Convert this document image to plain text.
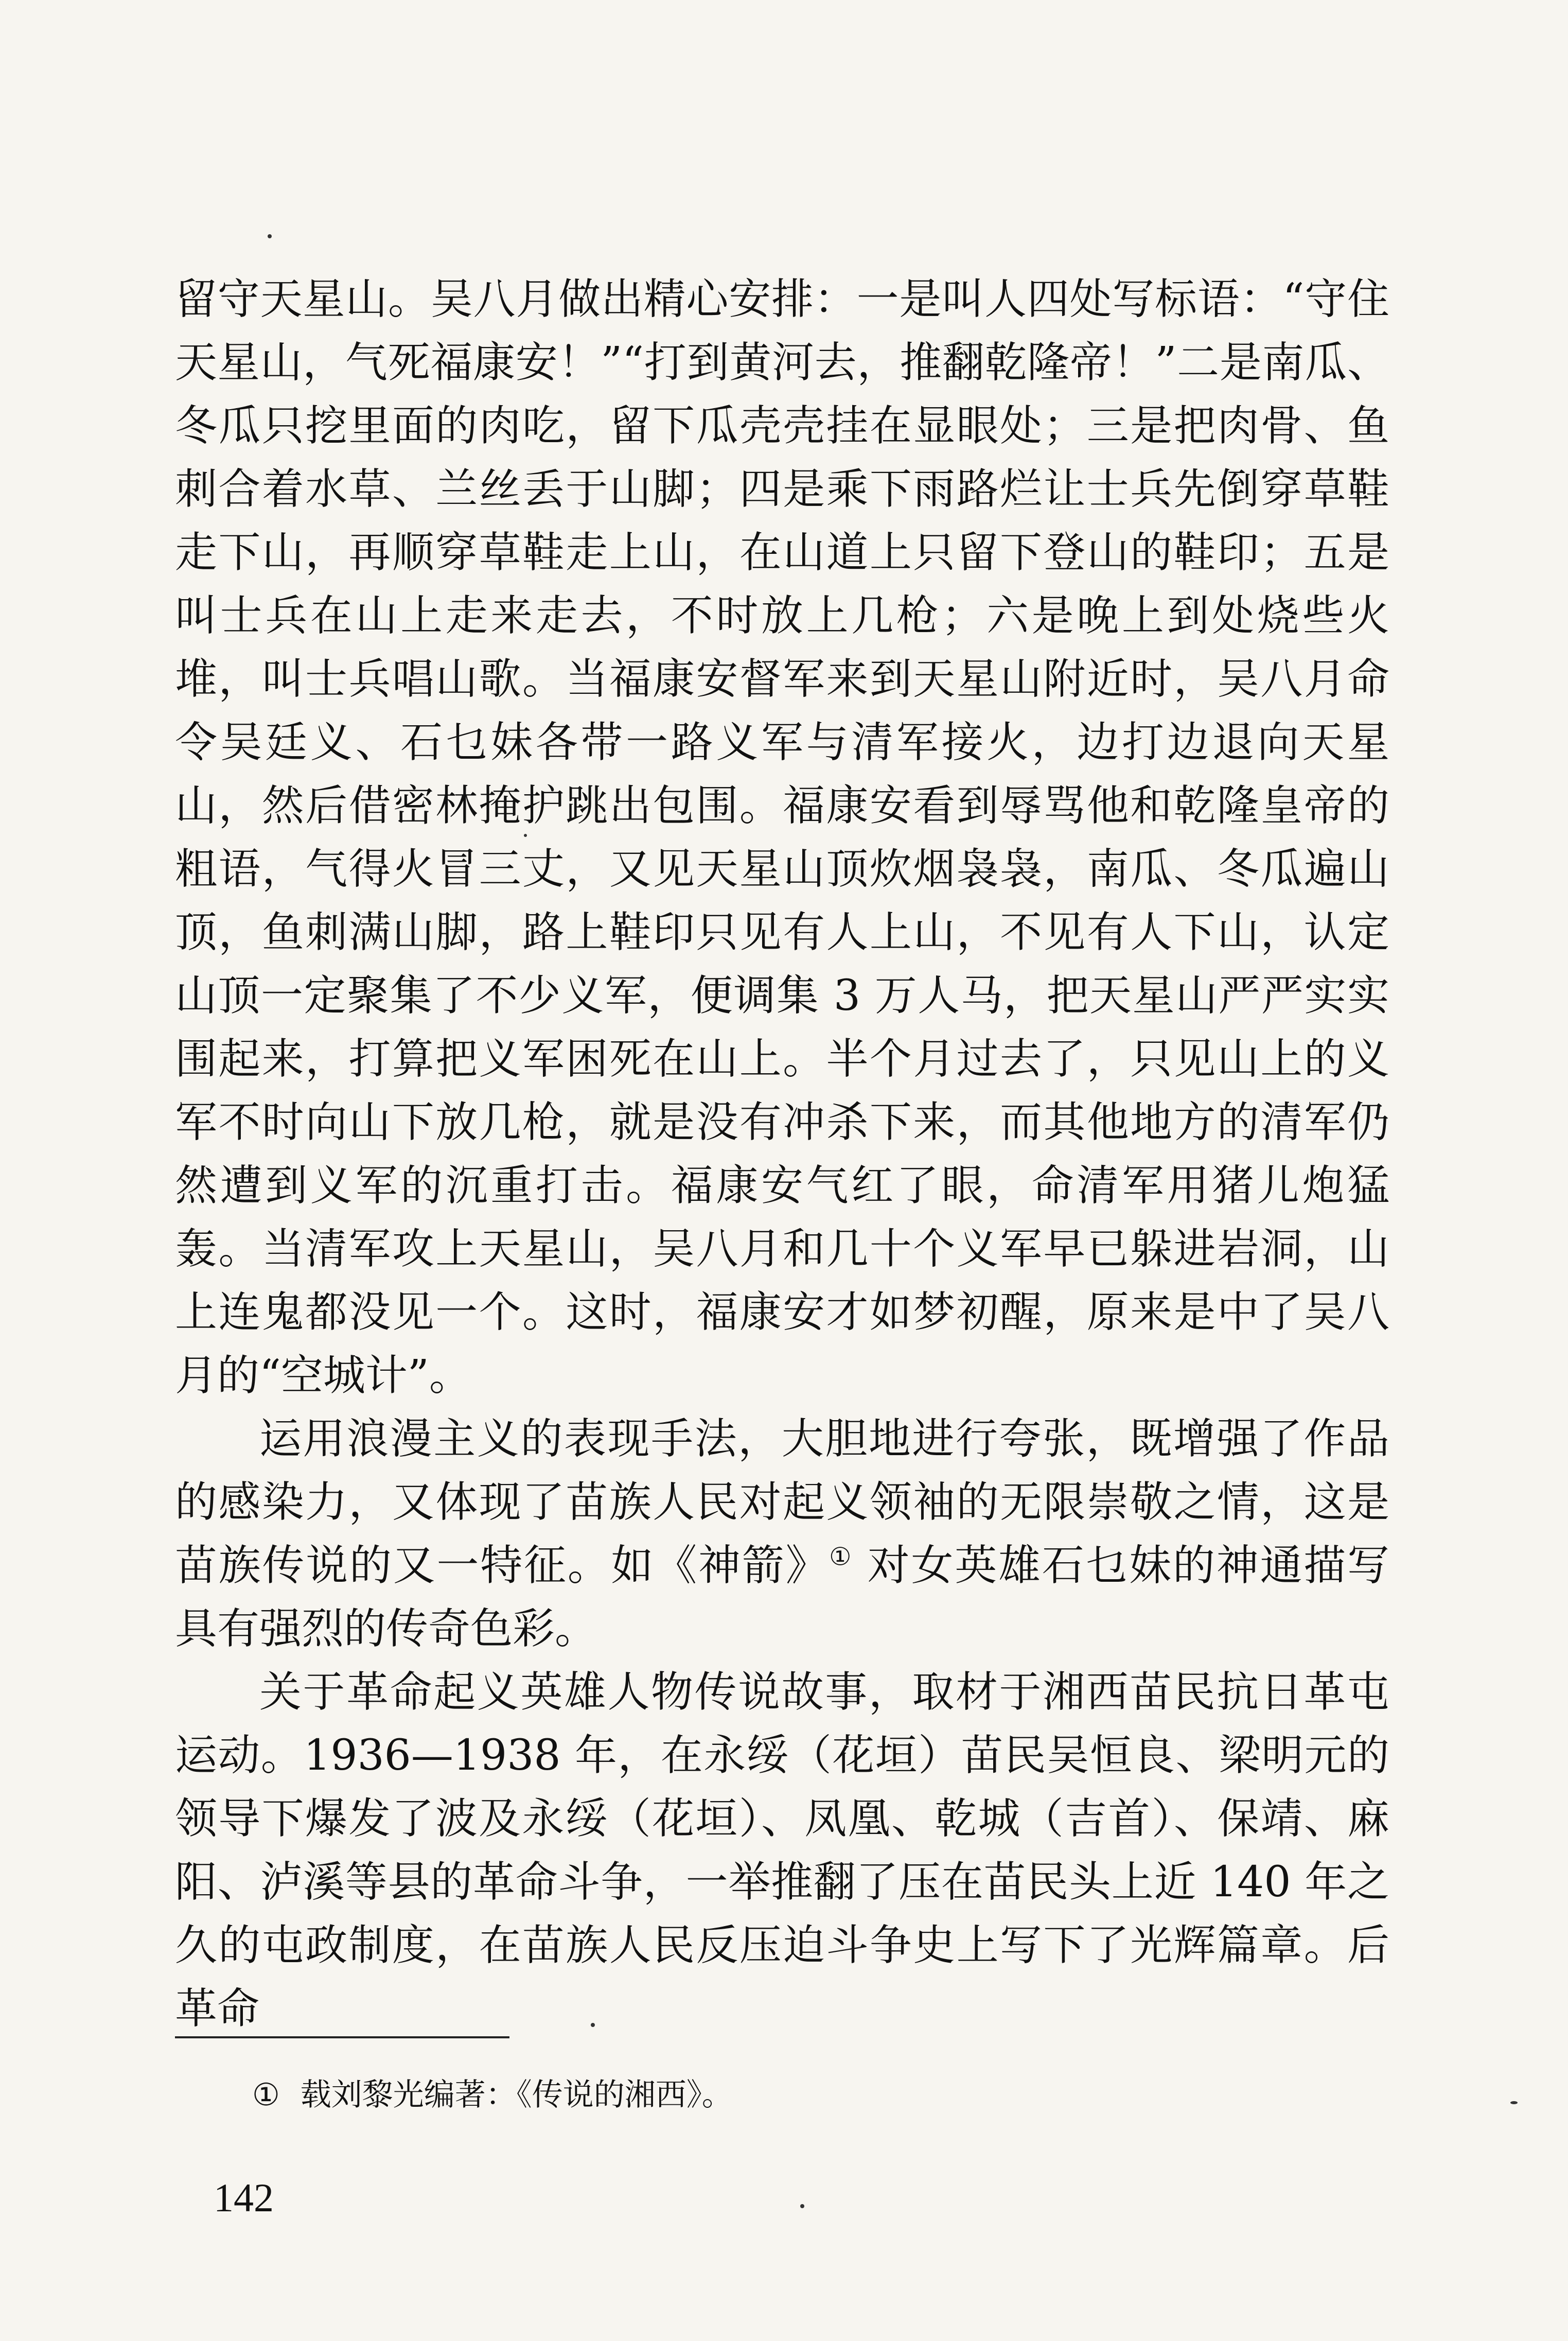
留守天星山。吴八月做出精心安排：一是叫人四处写标语：“守住天星山，气死福康安！”“打到黄河去，推翻乾隆帝！”二是南瓜、冬瓜只挖里面的肉吃，留下瓜壳壳挂在显眼处；三是把肉骨、鱼刺合着水草、兰丝丢于山脚；四是乘下雨路烂让士兵先倒穿草鞋走下山，再顺穿草鞋走上山，在山道上只留下登山的鞋印；五是叫士兵在山上走来走去，不时放上几枪；六是晚上到处烧些火堆，叫士兵唱山歌。当福康安督军来到天星山附近时，吴八月命令吴廷义、石乜妹各带一路义军与清军接火，边打边退向天星山，然后借密林掩护跳出包围。福康安看到辱骂他和乾隆皇帝的粗语，气得火冒三丈，又见天星山顶炊烟袅袅，南瓜、冬瓜遍山顶，鱼刺满山脚，路上鞋印只见有人上山，不见有人下山，认定山顶一定聚集了不少义军，便调集 3 万人马，把天星山严严实实围起来，打算把义军困死在山上。半个月过去了，只见山上的义军不时向山下放几枪，就是没有冲杀下来，而其他地方的清军仍然遭到义军的沉重打击。福康安气红了眼，命清军用猪儿炮猛轰。当清军攻上天星山，吴八月和几十个义军早已躲进岩洞，山上连鬼都没见一个。这时，福康安才如梦初醒，原来是中了吴八月的“空城计”。

运用浪漫主义的表现手法，大胆地进行夸张，既增强了作品的感染力，又体现了苗族人民对起义领袖的无限崇敬之情，这是苗族传说的又一特征。如《神箭》① 对女英雄石乜妹的神通描写具有强烈的传奇色彩。

关于革命起义英雄人物传说故事，取材于湘西苗民抗日革屯运动。1936—1938 年，在永绥（花垣）苗民吴恒良、梁明元的领导下爆发了波及永绥（花垣）、凤凰、乾城（吉首）、保靖、麻阳、泸溪等县的革命斗争，一举推翻了压在苗民头上近 140 年之久的屯政制度，在苗族人民反压迫斗争史上写下了光辉篇章。后革命

① 载刘黎光编著：《传说的湘西》。
142
